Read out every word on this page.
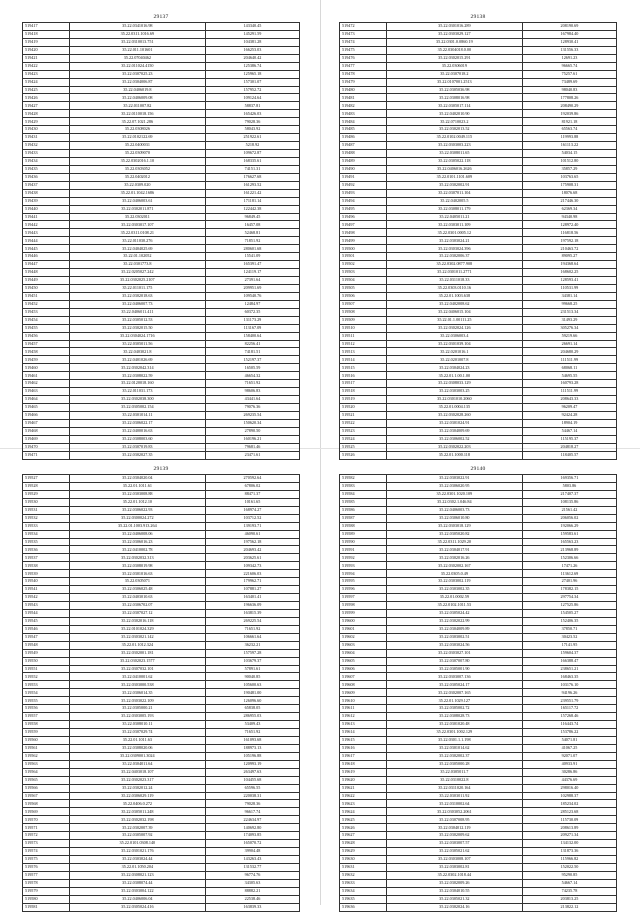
29137
519417	35.22.0341016.98	143340.45
519418	35.22.0311.1016.69	145291.59
519419	35.22.0310013.751	104381.28
519420	35.22.011.101601	166253.03
519421	35.22.07040462	204640.42
519422	35.22.011024.4150	125386.74
519423	35.22.0307025.23	125965.18
519424	35.22.0304006.87	157301.07
519425	35.22.0406019.8	157952.72
519426	35.22.0406009.08	109124.64
519427	35.22.011007.82	58837.81
519428	35.22.0110018.156	165426.03
519429	35.22.07.1021.286	79028.36
519430	35.22.0308026	58043.92
519431	35.22.0102122.69	251922.61
519432	35.22.0400031	5218.92
519433	35.22.0309070	109672.87
519434	35.22.0302016.1.10	168335.61
519435	35.22.0303052	74151.31
519436	35.22.0402012	176627.68
519437	35.22.0309.020	161293.52
519438	35.22.01.1042.1686	161221.42
519439	35.22.0406003.61	171181.14
519440	35.22.0302011.871	122442.38
519441	35.22.0302011	96849.45
519442	35.22.0303017.107	16457.08
519443	35.22.0311.0108.21	52468.81
519444	35.22.011030.276	71851.92
519445	35.22.0404025.69	280601.68
519446	35.22.01.102052	15541.09
519447	35.22.0301773.8	165391.47
519448	35.22.0205027.242	124119.17
519449	35.22.0302025.2107	27391.64
519450	35.22.011011.175	209951.69
519451	35.22.0302018.63	109540.76
519452	35.22.0406007.73	12484.97
519453	35.22.0406011.411	60372.35
519454	35.22.0305012.53	131173.29
519455	35.22.0302015.50	113167.09
519456	35.22.0304024.1716	158400.64
519457	35.22.0305011.56	82256.41
519458	35.22.0403021.8	74181.51
519459	35.22.0401026.69	152197.37
519460	35.22.0302042.314	16505.59
519461	35.22.0308022.59	46654.32
519462	35.22.0120018.160	71651.92
519463	35.22.011031.173	98606.83
519464	35.22.0302038.300	43441.64
519465	35.22.0305002.154	79076.36
519466	35.22.0301014.11	269235.54
519467	35.22.0306022.17	150620.34
519468	35.22.0400016.63	27890.50
519469	35.22.0308003.60	160196.21
519470	35.22.0307019.83	79681.46
519471	35.22.0302027.35	23471.61
29138
519472	35.22.0301016.289	208190.69
519473	35.22.0303029.127	167984.40
519474	35.22.0301.0.0860.19	128930.41
519475	35.22.0304018.0.00	131556.33
519476	35.22.0302015.291	12691.23
519477	35.22.0306019	96665.74
519478	35.22.0307018.2	75257.61
519479	35.22.0107001.2513	73489.69
519480	35.22.0305036.98	98040.83
519481	35.22.0308016.98	177808.26
519482	35.22.0305017.114	208490.29
519483	35.22.0402010.90	192039.86
519484	35.22.0710023.2	81921.18
519485	35.22.0302013.52	65563.74
519486	35.22.0102.0049.115	119993.88
519487	35.22.0303003.223	161113.22
519488	35.22.0308011.65	54034.15
519489	35.22.0305022.118	101512.80
519490	35.22.0406016.2626	35857.29
519491	35.22.0101.1101.609	103763.65
519492	35.22.0302002.91	175908.31
519493	35.22.0307011.104	18076.68
519494	35.22.0402005.5	217446.30
519495	35.22.0308011.179	62369.34
519496	35.22.0405011.21	94340.98
519497	35.22.0303011.109	128972.40
519498	35.22.0301.0005.12	116818.56
519499	35.22.0303024.21	197592.18
519500	35.22.0303024.396	210463.72
519501	35.22.0302006.37	89095.27
519502	35.22.0302.0877.908	194368.64
519503	35.22.0301011.2771	168602.25
519504	35.22.0311018.33	128593.41
519505	35.22.0303.0110.16	110531.99
519506	35.22.01.1003.638	34381.14
519507	35.22.0402008.62	99668.25
519508	35.22.0406015.104	231513.34
519509	35.22.01.1.00111.25	31493.29
519510	35.22.0302024.126	305276.34
519511	35.22.0306003.4	59219.66
519512	35.22.0301039.104	26691.14
519513	35.22.0201016.1	204680.29
519514	35.22.0201007.8	111511.99
519515	35.22.0304024.23	68068.11
519516	35.22.01.1.00.1.00	54695.55
519517	35.22.0308033.129	160793.28
519518	35.22.0303003.25	111511.99
519519	35.22.0301010.2060	208643.33
519520	35.22.01.0004.135	96209.47
519521	35.22.0302028.260	92424.28
519522	35.22.0301024.91	18904.19
519523	35.22.0304009.69	54467.14
519524	35.22.0306002.52	115195.37
519525	35.22.0302022.203	204818.27
519526	35.22.01.1000.118	118405.57
29139
519527	35.22.0304020.04	270592.64
519528	35.22.01.1011.61	67806.02
519529	35.22.0303008.88	88471.37
519530	35.22.01.1012.10	10161.65
519531	35.22.0306022.93	168974.27
519532	35.22.0300024.272	103712.52
519533	35.22.01.1003.913.264	139193.71
519534	35.22.0406008.06	46090.61
519535	35.22.0306016.23	197562.18
519536	35.22.0410002.78	204693.42
519537	35.22.0302032.313	203625.61
519538	35.22.0308019.98	109342.73
519539	35.22.0301016.63	221606.03
519540	35.22.0305071	179962.71
519541	35.22.0306025.48	107881.27
519542	35.22.0403010.63	163401.41
519543	35.22.0306702.07	196636.09
519544	35.22.0307027.12	163815.39
519545	35.22.0302016.118	269225.54
519546	35.22.0101024.329	71651.92
519547	35.22.0303021.142	106661.64
519548	35.22.01.1012.324	36232.21
519549	35.22.0302001.181	157597.28
519550	35.22.0302023.1577	103679.37
519551	35.22.0307032.101	57891.61
519552	35.22.0410001.62	90040.85
519553	35.22.0303000.538	105600.63
519554	35.22.0306014.35	190481.00
519555	35.22.0303022.109	126096.60
519556	35.22.0305000.21	65838.05
519557	35.22.0303005.193	286955.03
519558	35.22.0308010.11	53409.43
519559	35.22.0307029.74	71651.92
519560	35.22.01.1011.63	161093.68
519561	35.22.0308020.06	188973.13
519562	35.22.0309001.3024	105196.88
519563	35.22.0304011.64	120993.19
519564	35.22.0403018.107	263497.63
519565	35.22.0302023.317	104455.68
519566	35.22.0302012.24	65596.55
519567	35.22.0306029.119	220038.31
519568	35.22.0406.0.272	79028.36
519569	35.22.0305011.248	96617.74
519570	35.22.0302032.198	224634.97
519571	35.22.0302007.39	140692.80
519572	35.22.0305007.92	174093.85
519573	35.22.0101.0308.140	165070.72
519574	35.22.0301021.176	39904.48
519575	35.22.0303024.44	143263.43
519576	35.22.01.1050.204	131532.77
519577	35.22.0308021.123	96774.76
519578	35.22.0308074.44	34305.63
519579	35.22.0303004.122	88882.21
519580	35.22.0406006.04	22538.46
519581	35.22.0305024.416	163839.33
29140
519582	35.22.0303022.91	169356.71
519583	35.22.0306020.95	5803.86
519584	35.22.0301.1020.109	217407.37
519585	35.22.0302.1.046.84	108135.86
519586	35.22.0406003.73	21561.42
519587	35.22.0306010.80	206056.02
519588	35.22.0303018.129	192066.29
519589	35.22.0305020.82	159583.61
519590	35.22.0311.1029.20	165563.23
519591	35.22.0304017.91	213968.89
519592	35.22.0302016.26	152306.66
519593	35.22.0302002.167	17471.26
519594	35.22.0305.0.49	113612.69
519595	35.22.0303002.119	27401.96
519596	35.22.0303002.35	178382.15
519597	35.22.01.0002.59	297754.34
519598	35.22.0102.1011.53	127525.86
519599	35.22.0305024.42	154505.27
519600	35.22.0302022.99	152406.35
519601	35.22.0304009.89	37850.71
519602	35.22.0303002.51	30423.52
519603	35.22.0303024.56	17141.95
519604	35.22.0303027.101	159604.37
519605	35.22.0307007.80	166388.47
519606	35.22.0305001.90	238651.21
519607	35.22.0303007.136	168463.35
519608	35.22.0305024.17	103176.10
519609	35.22.0302007.165	94196.26
519610	35.22.01.1029.127	239551.79
519611	35.22.0305002.72	165117.72
519612	35.22.0308028.73	157268.46
519613	35.22.0301020.48	116443.74
519614	35.22.0301.1002.129	153786.22
519615	35.22.0301.1.1.198	54071.81
519616	35.22.0301014.62	41067.25
519617	35.22.0302002.37	92071.07
519618	35.22.0305000.28	40933.91
519619	35.22.0305011.7	30286.86
519620	35.22.0310022.8	44376.69
519621	35.22.0311020.164	298016.40
519622	35.22.0303011.92	102988.37
519623	35.22.0310002.64	185234.02
519624	35.22.0303052.2061	285123.68
519625	35.22.0307008.95	115730.09
519626	35.22.0304012.119	208613.89
519627	35.22.0302009.62	209271.34
519628	35.22.0303007.57	134132.00
519629	35.22.0305021.62	131873.36
519630	35.22.0303008.107	115966.82
519631	35.22.0303002.81	152022.50
519632	35.22.0302.1018.44	95290.85
519633	35.22.0302009.26	54667.14
519634	35.22.0304010.55	74235.78
519635	35.22.0305021.32	203813.25
519636	35.22.0302024.16	213822.12
